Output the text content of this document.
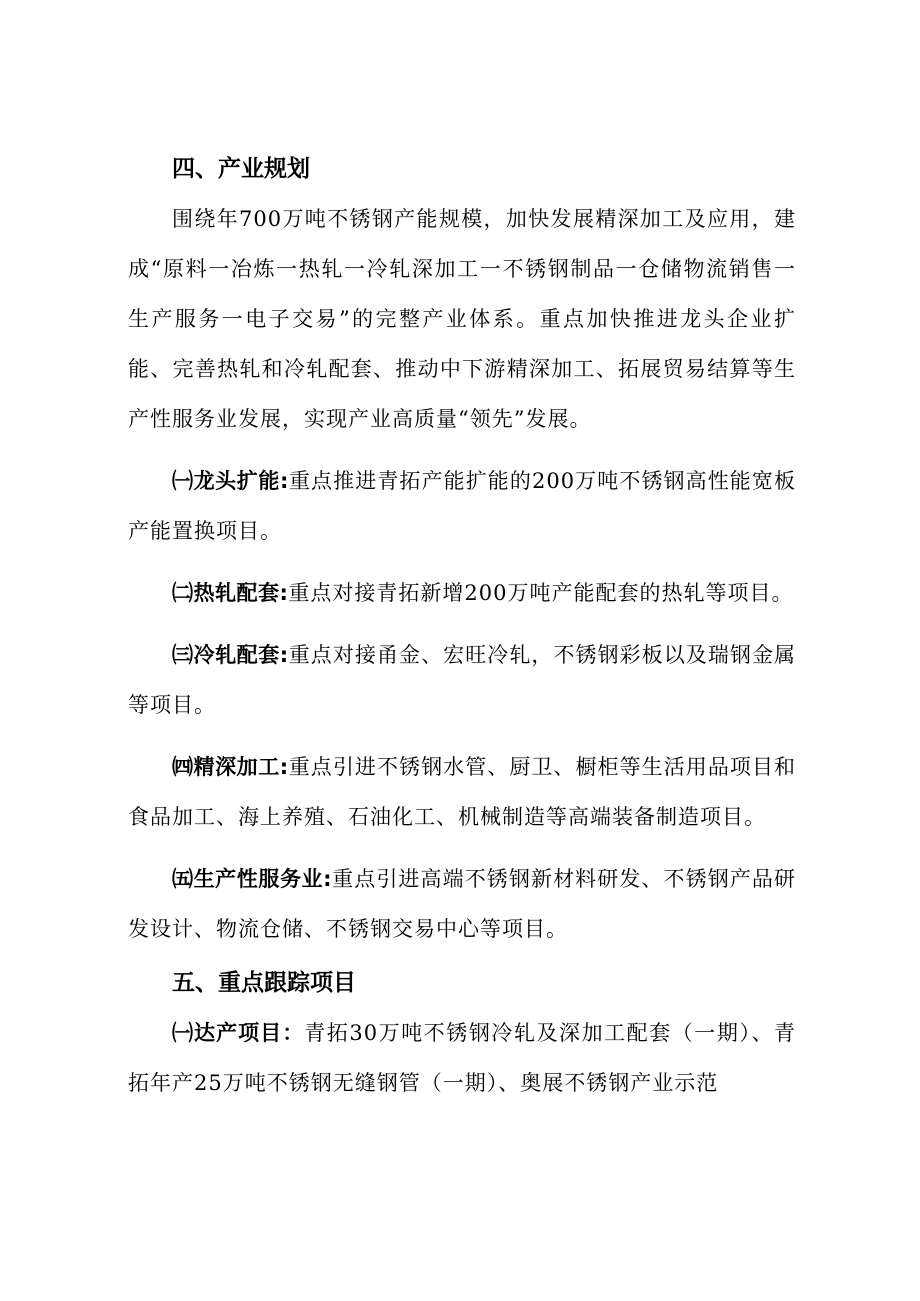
四、产业规划

围绕年700万吨不锈钢产能规模，加快发展精深加工及应用，建成“原料一冶炼一热轧一冷轧深加工一不锈钢制品一仓储物流销售一生产服务一电子交易”的完整产业体系。重点加快推进龙头企业扩能、完善热轧和冷轧配套、推动中下游精深加工、拓展贸易结算等生产性服务业发展，实现产业高质量“领先”发展。

㈠龙头扩能:重点推进青拓产能扩能的200万吨不锈钢高性能宽板产能置换项目。

㈡热轧配套:重点对接青拓新增200万吨产能配套的热轧等项目。

㈢冷轧配套:重点对接甬金、宏旺冷轧，不锈钢彩板以及瑞钢金属等项目。

㈣精深加工:重点引进不锈钢水管、厨卫、橱柜等生活用品项目和食品加工、海上养殖、石油化工、机械制造等高端装备制造项目。

㈤生产性服务业:重点引进高端不锈钢新材料研发、不锈钢产品研发设计、物流仓储、不锈钢交易中心等项目。

五、重点跟踪项目

㈠达产项目：青拓30万吨不锈钢冷轧及深加工配套（一期）、青拓年产25万吨不锈钢无缝钢管（一期）、奥展不锈钢产业示范
